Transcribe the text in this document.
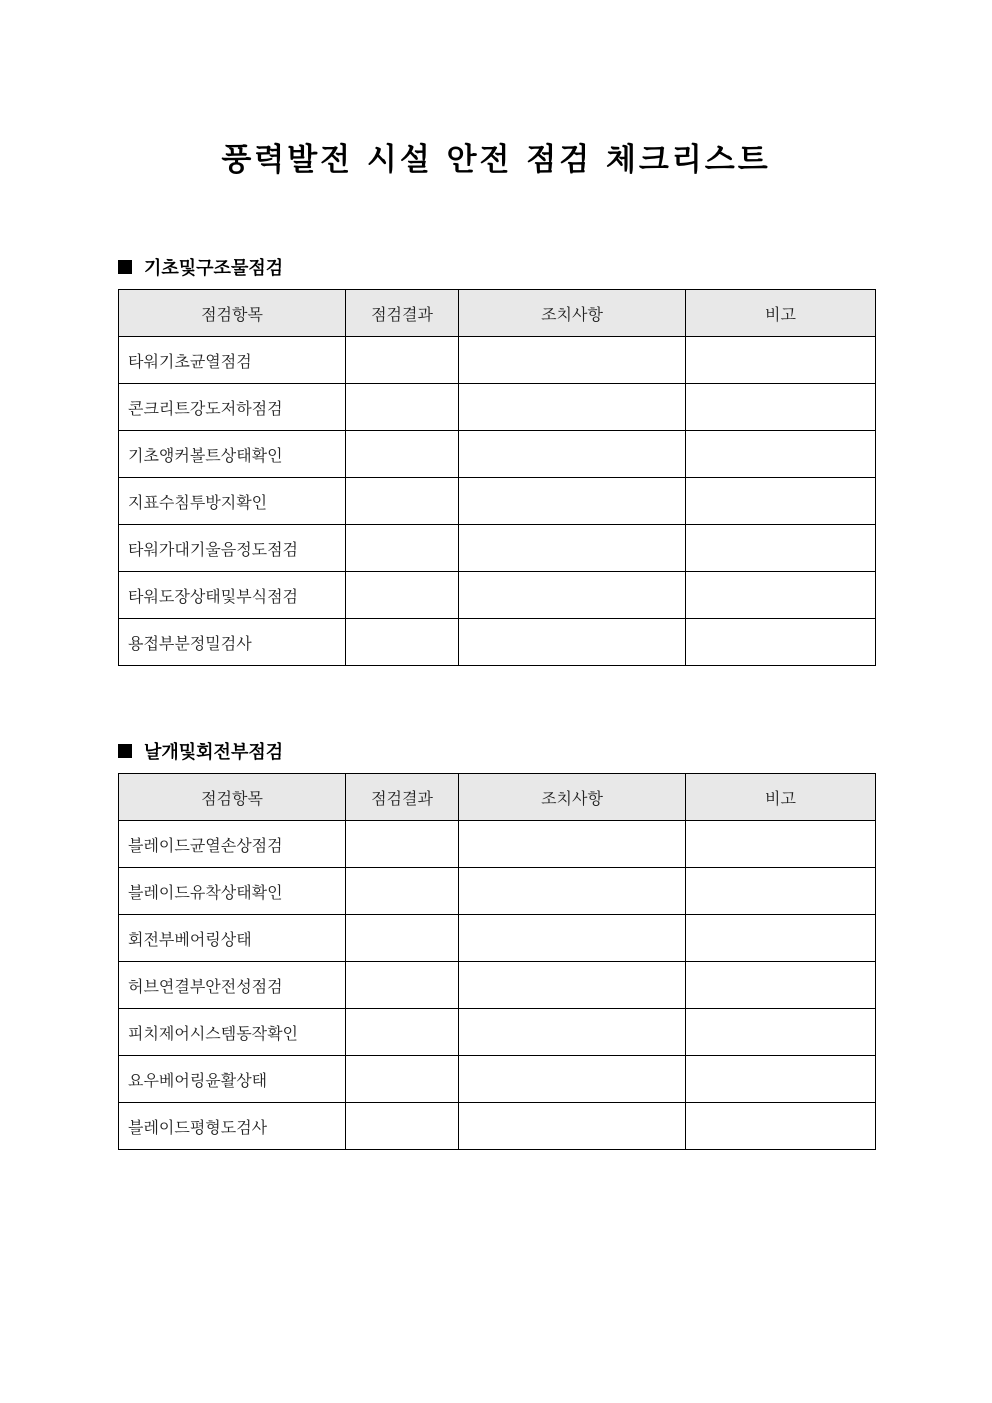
풍력발전 시설 안전 점검 체크리스트
기초및구조물점검
점검항목	점검결과	조치사항	비고
타워기초균열점검			
콘크리트강도저하점검			
기초앵커볼트상태확인			
지표수침투방지확인			
타워가대기울음정도점검			
타워도장상태및부식점검			
용접부분정밀검사			
날개및회전부점검
점검항목	점검결과	조치사항	비고
블레이드균열손상점검			
블레이드유착상태확인			
회전부베어링상태			
허브연결부안전성점검			
피치제어시스템동작확인			
요우베어링윤활상태			
블레이드평형도검사			
